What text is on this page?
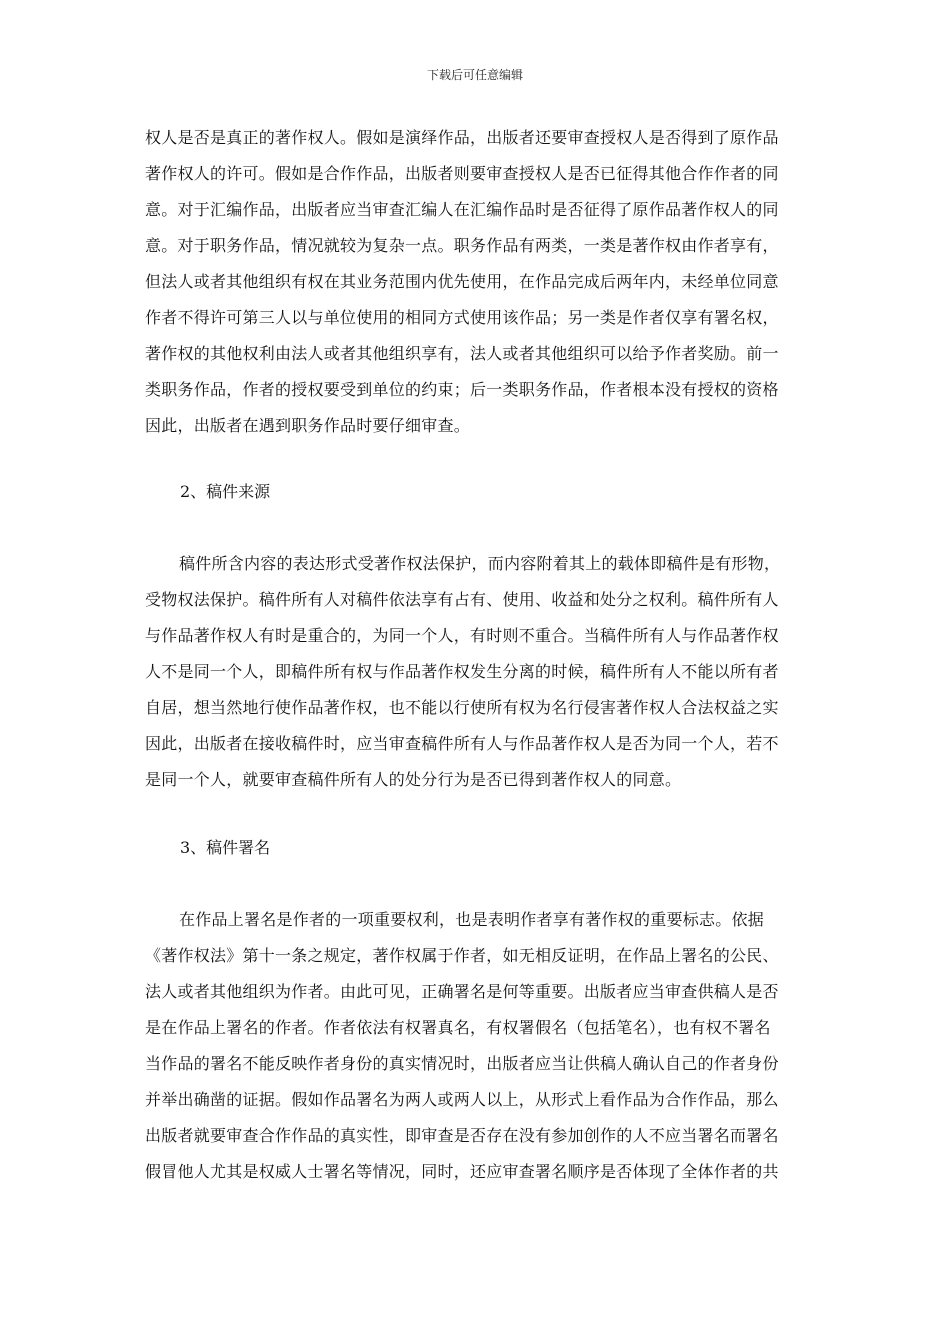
下载后可任意编辑
权人是否是真正的著作权人。假如是演绎作品，出版者还要审查授权人是否得到了原作品
著作权人的许可。假如是合作作品，出版者则要审查授权人是否已征得其他合作作者的同
意。对于汇编作品，出版者应当审查汇编人在汇编作品时是否征得了原作品著作权人的同
意。对于职务作品，情况就较为复杂一点。职务作品有两类，一类是著作权由作者享有，
但法人或者其他组织有权在其业务范围内优先使用，在作品完成后两年内，未经单位同意
作者不得许可第三人以与单位使用的相同方式使用该作品；另一类是作者仅享有署名权，
著作权的其他权利由法人或者其他组织享有，法人或者其他组织可以给予作者奖励。前一
类职务作品，作者的授权要受到单位的约束；后一类职务作品，作者根本没有授权的资格
因此，出版者在遇到职务作品时要仔细审查。
2、稿件来源
稿件所含内容的表达形式受著作权法保护，而内容附着其上的载体即稿件是有形物，
受物权法保护。稿件所有人对稿件依法享有占有、使用、收益和处分之权利。稿件所有人
与作品著作权人有时是重合的，为同一个人，有时则不重合。当稿件所有人与作品著作权
人不是同一个人，即稿件所有权与作品著作权发生分离的时候，稿件所有人不能以所有者
自居，想当然地行使作品著作权，也不能以行使所有权为名行侵害著作权人合法权益之实
因此，出版者在接收稿件时，应当审查稿件所有人与作品著作权人是否为同一个人，若不
是同一个人，就要审查稿件所有人的处分行为是否已得到著作权人的同意。
3、稿件署名
在作品上署名是作者的一项重要权利，也是表明作者享有著作权的重要标志。依据
《著作权法》第十一条之规定，著作权属于作者，如无相反证明，在作品上署名的公民、
法人或者其他组织为作者。由此可见，正确署名是何等重要。出版者应当审查供稿人是否
是在作品上署名的作者。作者依法有权署真名，有权署假名（包括笔名），也有权不署名
当作品的署名不能反映作者身份的真实情况时，出版者应当让供稿人确认自己的作者身份
并举出确凿的证据。假如作品署名为两人或两人以上，从形式上看作品为合作作品，那么
出版者就要审查合作作品的真实性，即审查是否存在没有参加创作的人不应当署名而署名
假冒他人尤其是权威人士署名等情况，同时，还应审查署名顺序是否体现了全体作者的共
